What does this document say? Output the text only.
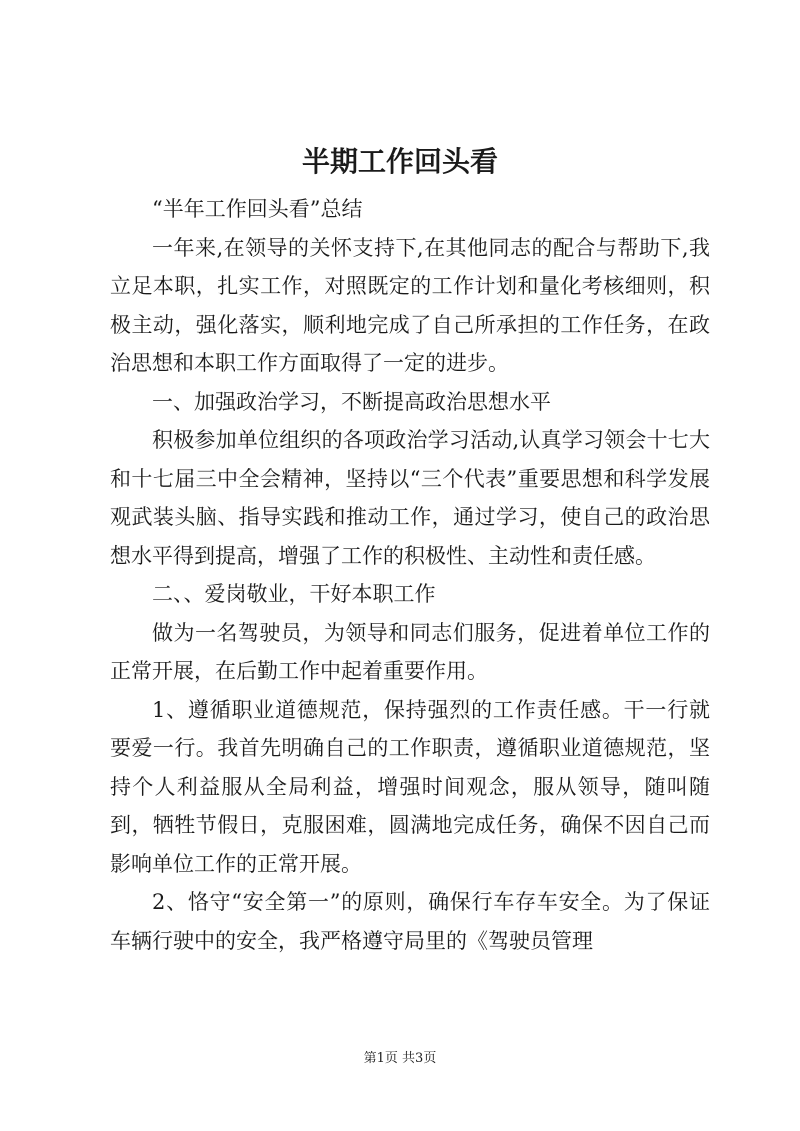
半期工作回头看

“半年工作回头看”总结

一年来,在领导的关怀支持下,在其他同志的配合与帮助下,我立足本职，扎实工作，对照既定的工作计划和量化考核细则，积极主动，强化落实，顺利地完成了自己所承担的工作任务，在政治思想和本职工作方面取得了一定的进步。

一、加强政治学习，不断提高政治思想水平

积极参加单位组织的各项政治学习活动,认真学习领会十七大和十七届三中全会精神，坚持以“三个代表”重要思想和科学发展观武装头脑、指导实践和推动工作，通过学习，使自己的政治思想水平得到提高，增强了工作的积极性、主动性和责任感。

二、、爱岗敬业，干好本职工作

做为一名驾驶员，为领导和同志们服务，促进着单位工作的正常开展，在后勤工作中起着重要作用。

1、遵循职业道德规范，保持强烈的工作责任感。干一行就要爱一行。我首先明确自己的工作职责，遵循职业道德规范，坚持个人利益服从全局利益，增强时间观念，服从领导，随叫随到，牺牲节假日，克服困难，圆满地完成任务，确保不因自己而影响单位工作的正常开展。

2、恪守“安全第一”的原则，确保行车存车安全。为了保证车辆行驶中的安全，我严格遵守局里的《驾驶员管理

第1页 共3页
